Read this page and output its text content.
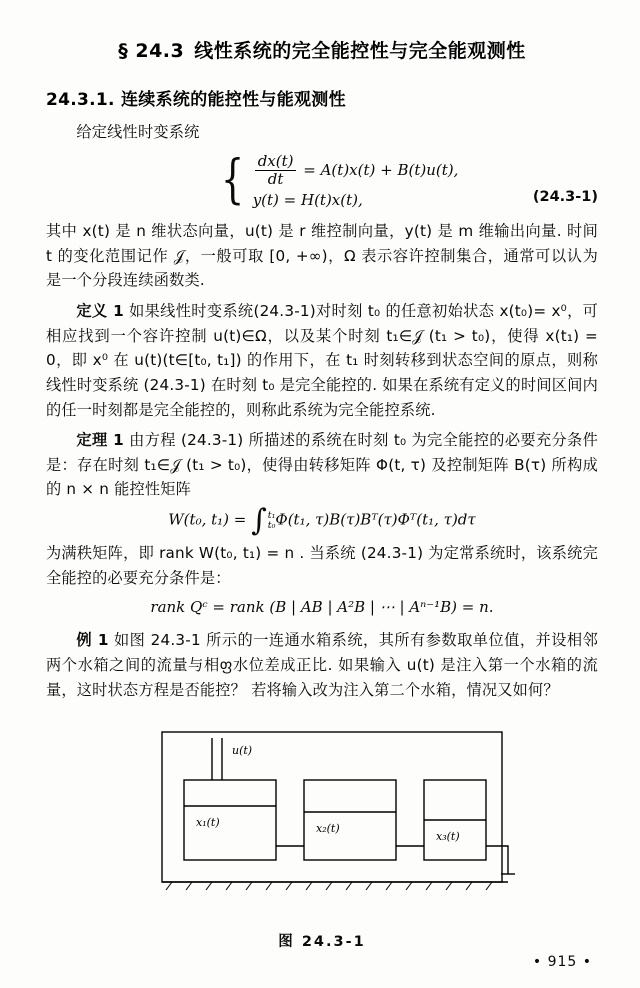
§ 24.3 线性系统的完全能控性与完全能观测性
24.3.1. 连续系统的能控性与能观测性

给定线性时变系统

{ $\frac{dx(t)}{dt} = A(t)x(t) + B(t)u(t)$,
y(t) = H(t)x(t),	(24.3-1)

其中 x(t) 是 n 维状态向量，u(t) 是 r 维控制向量，y(t) 是 m 维输出向量. 时间 t 的变化范围记作 𝒥，一般可取 [0, +∞)，Ω 表示容许控制集合，通常可以认为是一个分段连续函数类.

定义 1 如果线性时变系统(24.3-1)对时刻 t₀ 的任意初始状态 x(t₀)= x⁰，可相应找到一个容许控制 u(t)∈Ω，以及某个时刻 t₁∈𝒥 (t₁ > t₀)，使得 x(t₁) = 0，即 x⁰ 在 u(t)(t∈[t₀, t₁]) 的作用下，在 t₁ 时刻转移到状态空间的原点，则称线性时变系统 (24.3-1) 在时刻 t₀ 是完全能控的. 如果在系统有定义的时间区间内的任一时刻都是完全能控的，则称此系统为完全能控系统.

定理 1 由方程 (24.3-1) 所描述的系统在时刻 t₀ 为完全能控的必要充分条件是：存在时刻 t₁∈𝒥 (t₁ > t₀)，使得由转移矩阵 Φ(t, τ) 及控制矩阵 B(τ) 所构成的 n × n 能控性矩阵

W(t₀, t₁) = ∫ t₁
t₀ Φ(t₁, τ)B(τ)Bᵀ(τ)Φᵀ(t₁, τ)dτ

为满秩矩阵，即 rank W(t₀, t₁) = n . 当系统 (24.3-1) 为定常系统时，该系统完全能控的必要充分条件是：

rank Qᶜ = rank (B | AB | A²B | ⋯ | Aⁿ⁻¹B) = n.

例 1 如图 24.3-1 所示的一连通水箱系统，其所有参数取单位值，并设相邻两个水箱之间的流量与相ფ水位差成正比. 如果输入 u(t) 是注入第一个水箱的流量，这时状态方程是否能控？ 若将输入改为注入第二个水箱，情况又如何？

u(t)
x₁(t)	x₂(t)
x₃(t)
图 24.3-1
• 915 •
